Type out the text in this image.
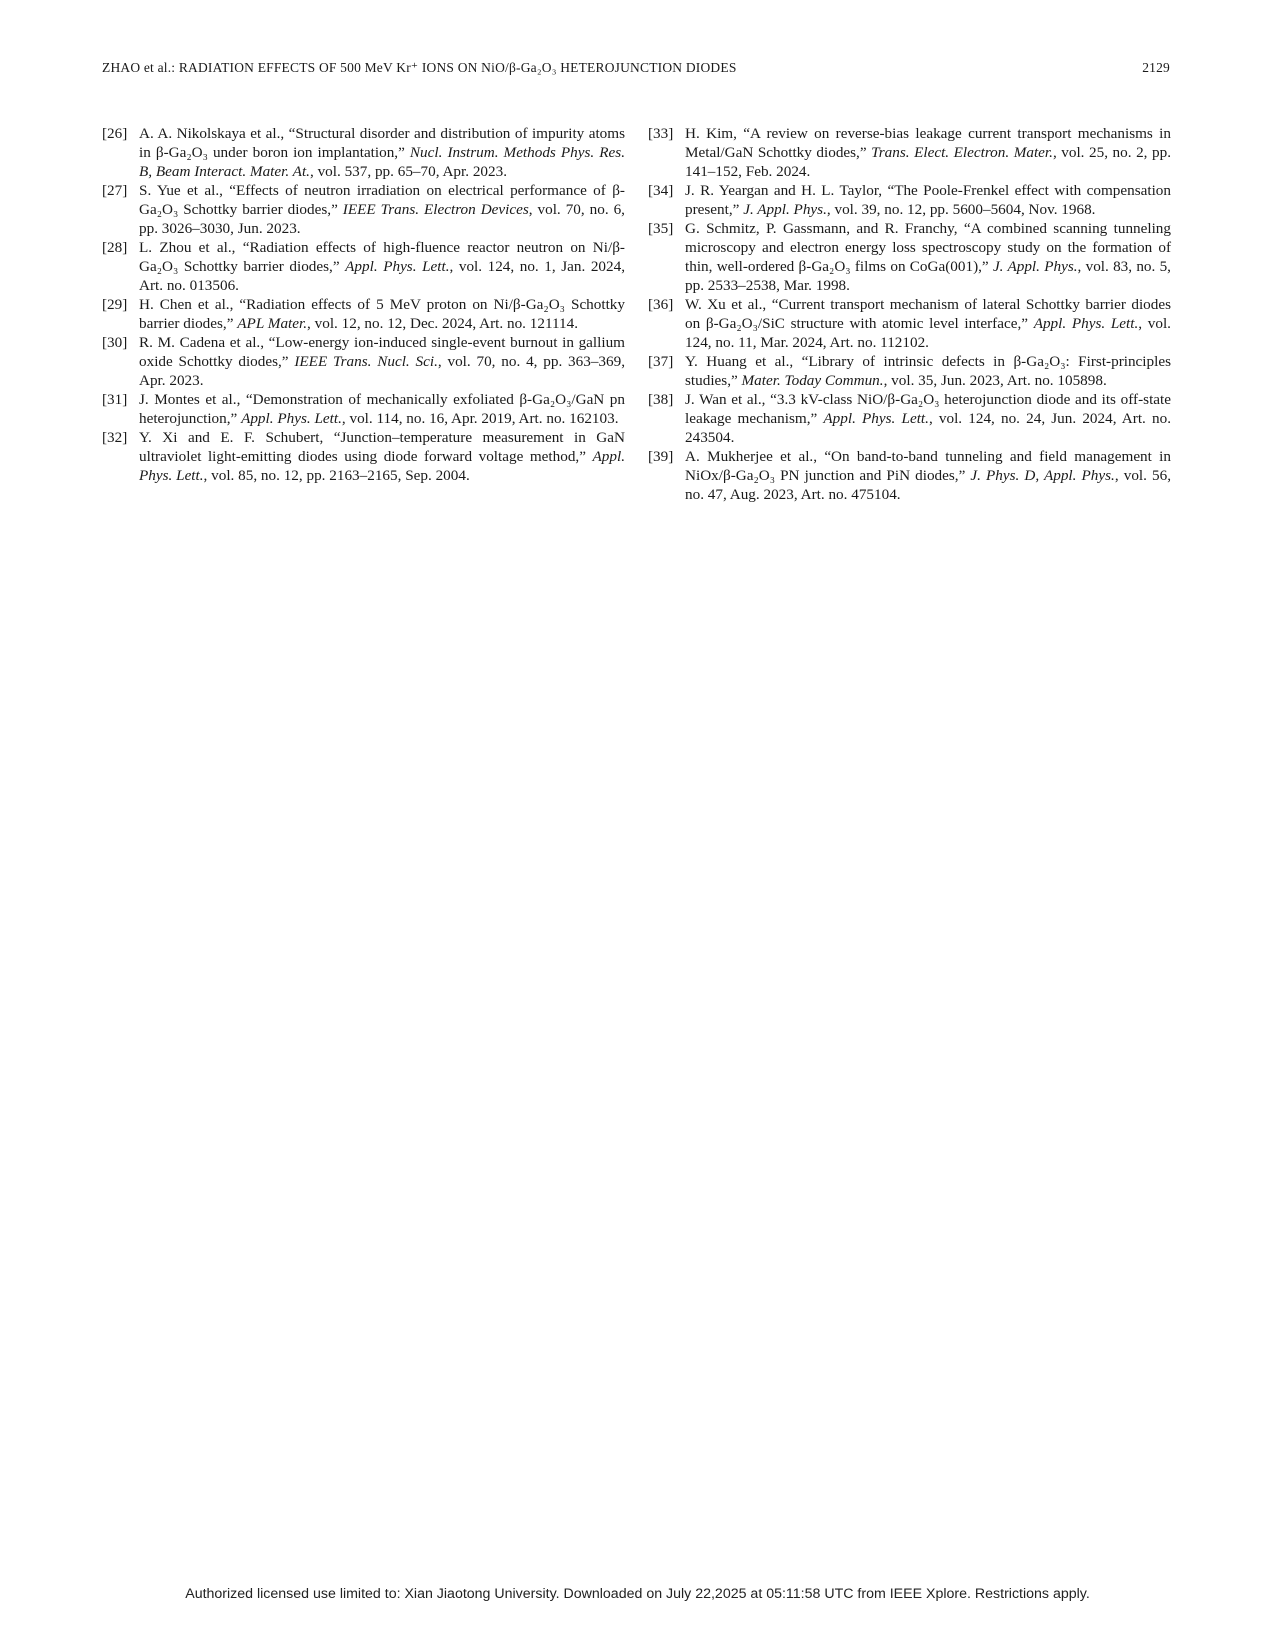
ZHAO et al.: RADIATION EFFECTS OF 500 MeV Kr⁺ IONS ON NiO/β-Ga₂O₃ HETEROJUNCTION DIODES	2129
[26] A. A. Nikolskaya et al., “Structural disorder and distribution of impurity atoms in β-Ga₂O₃ under boron ion implantation,” Nucl. Instrum. Methods Phys. Res. B, Beam Interact. Mater. At., vol. 537, pp. 65–70, Apr. 2023.
[27] S. Yue et al., “Effects of neutron irradiation on electrical performance of β-Ga₂O₃ Schottky barrier diodes,” IEEE Trans. Electron Devices, vol. 70, no. 6, pp. 3026–3030, Jun. 2023.
[28] L. Zhou et al., “Radiation effects of high-fluence reactor neutron on Ni/β-Ga₂O₃ Schottky barrier diodes,” Appl. Phys. Lett., vol. 124, no. 1, Jan. 2024, Art. no. 013506.
[29] H. Chen et al., “Radiation effects of 5 MeV proton on Ni/β-Ga₂O₃ Schottky barrier diodes,” APL Mater., vol. 12, no. 12, Dec. 2024, Art. no. 121114.
[30] R. M. Cadena et al., “Low-energy ion-induced single-event burnout in gallium oxide Schottky diodes,” IEEE Trans. Nucl. Sci., vol. 70, no. 4, pp. 363–369, Apr. 2023.
[31] J. Montes et al., “Demonstration of mechanically exfoliated β-Ga₂O₃/GaN pn heterojunction,” Appl. Phys. Lett., vol. 114, no. 16, Apr. 2019, Art. no. 162103.
[32] Y. Xi and E. F. Schubert, “Junction–temperature measurement in GaN ultraviolet light-emitting diodes using diode forward voltage method,” Appl. Phys. Lett., vol. 85, no. 12, pp. 2163–2165, Sep. 2004.
[33] H. Kim, “A review on reverse-bias leakage current transport mechanisms in Metal/GaN Schottky diodes,” Trans. Elect. Electron. Mater., vol. 25, no. 2, pp. 141–152, Feb. 2024.
[34] J. R. Yeargan and H. L. Taylor, “The Poole-Frenkel effect with compensation present,” J. Appl. Phys., vol. 39, no. 12, pp. 5600–5604, Nov. 1968.
[35] G. Schmitz, P. Gassmann, and R. Franchy, “A combined scanning tunneling microscopy and electron energy loss spectroscopy study on the formation of thin, well-ordered β-Ga₂O₃ films on CoGa(001),” J. Appl. Phys., vol. 83, no. 5, pp. 2533–2538, Mar. 1998.
[36] W. Xu et al., “Current transport mechanism of lateral Schottky barrier diodes on β-Ga₂O₃/SiC structure with atomic level interface,” Appl. Phys. Lett., vol. 124, no. 11, Mar. 2024, Art. no. 112102.
[37] Y. Huang et al., “Library of intrinsic defects in β-Ga₂O₃: First-principles studies,” Mater. Today Commun., vol. 35, Jun. 2023, Art. no. 105898.
[38] J. Wan et al., “3.3 kV-class NiO/β-Ga₂O₃ heterojunction diode and its off-state leakage mechanism,” Appl. Phys. Lett., vol. 124, no. 24, Jun. 2024, Art. no. 243504.
[39] A. Mukherjee et al., “On band-to-band tunneling and field management in NiOx/β-Ga₂O₃ PN junction and PiN diodes,” J. Phys. D, Appl. Phys., vol. 56, no. 47, Aug. 2023, Art. no. 475104.
Authorized licensed use limited to: Xian Jiaotong University. Downloaded on July 22,2025 at 05:11:58 UTC from IEEE Xplore. Restrictions apply.
